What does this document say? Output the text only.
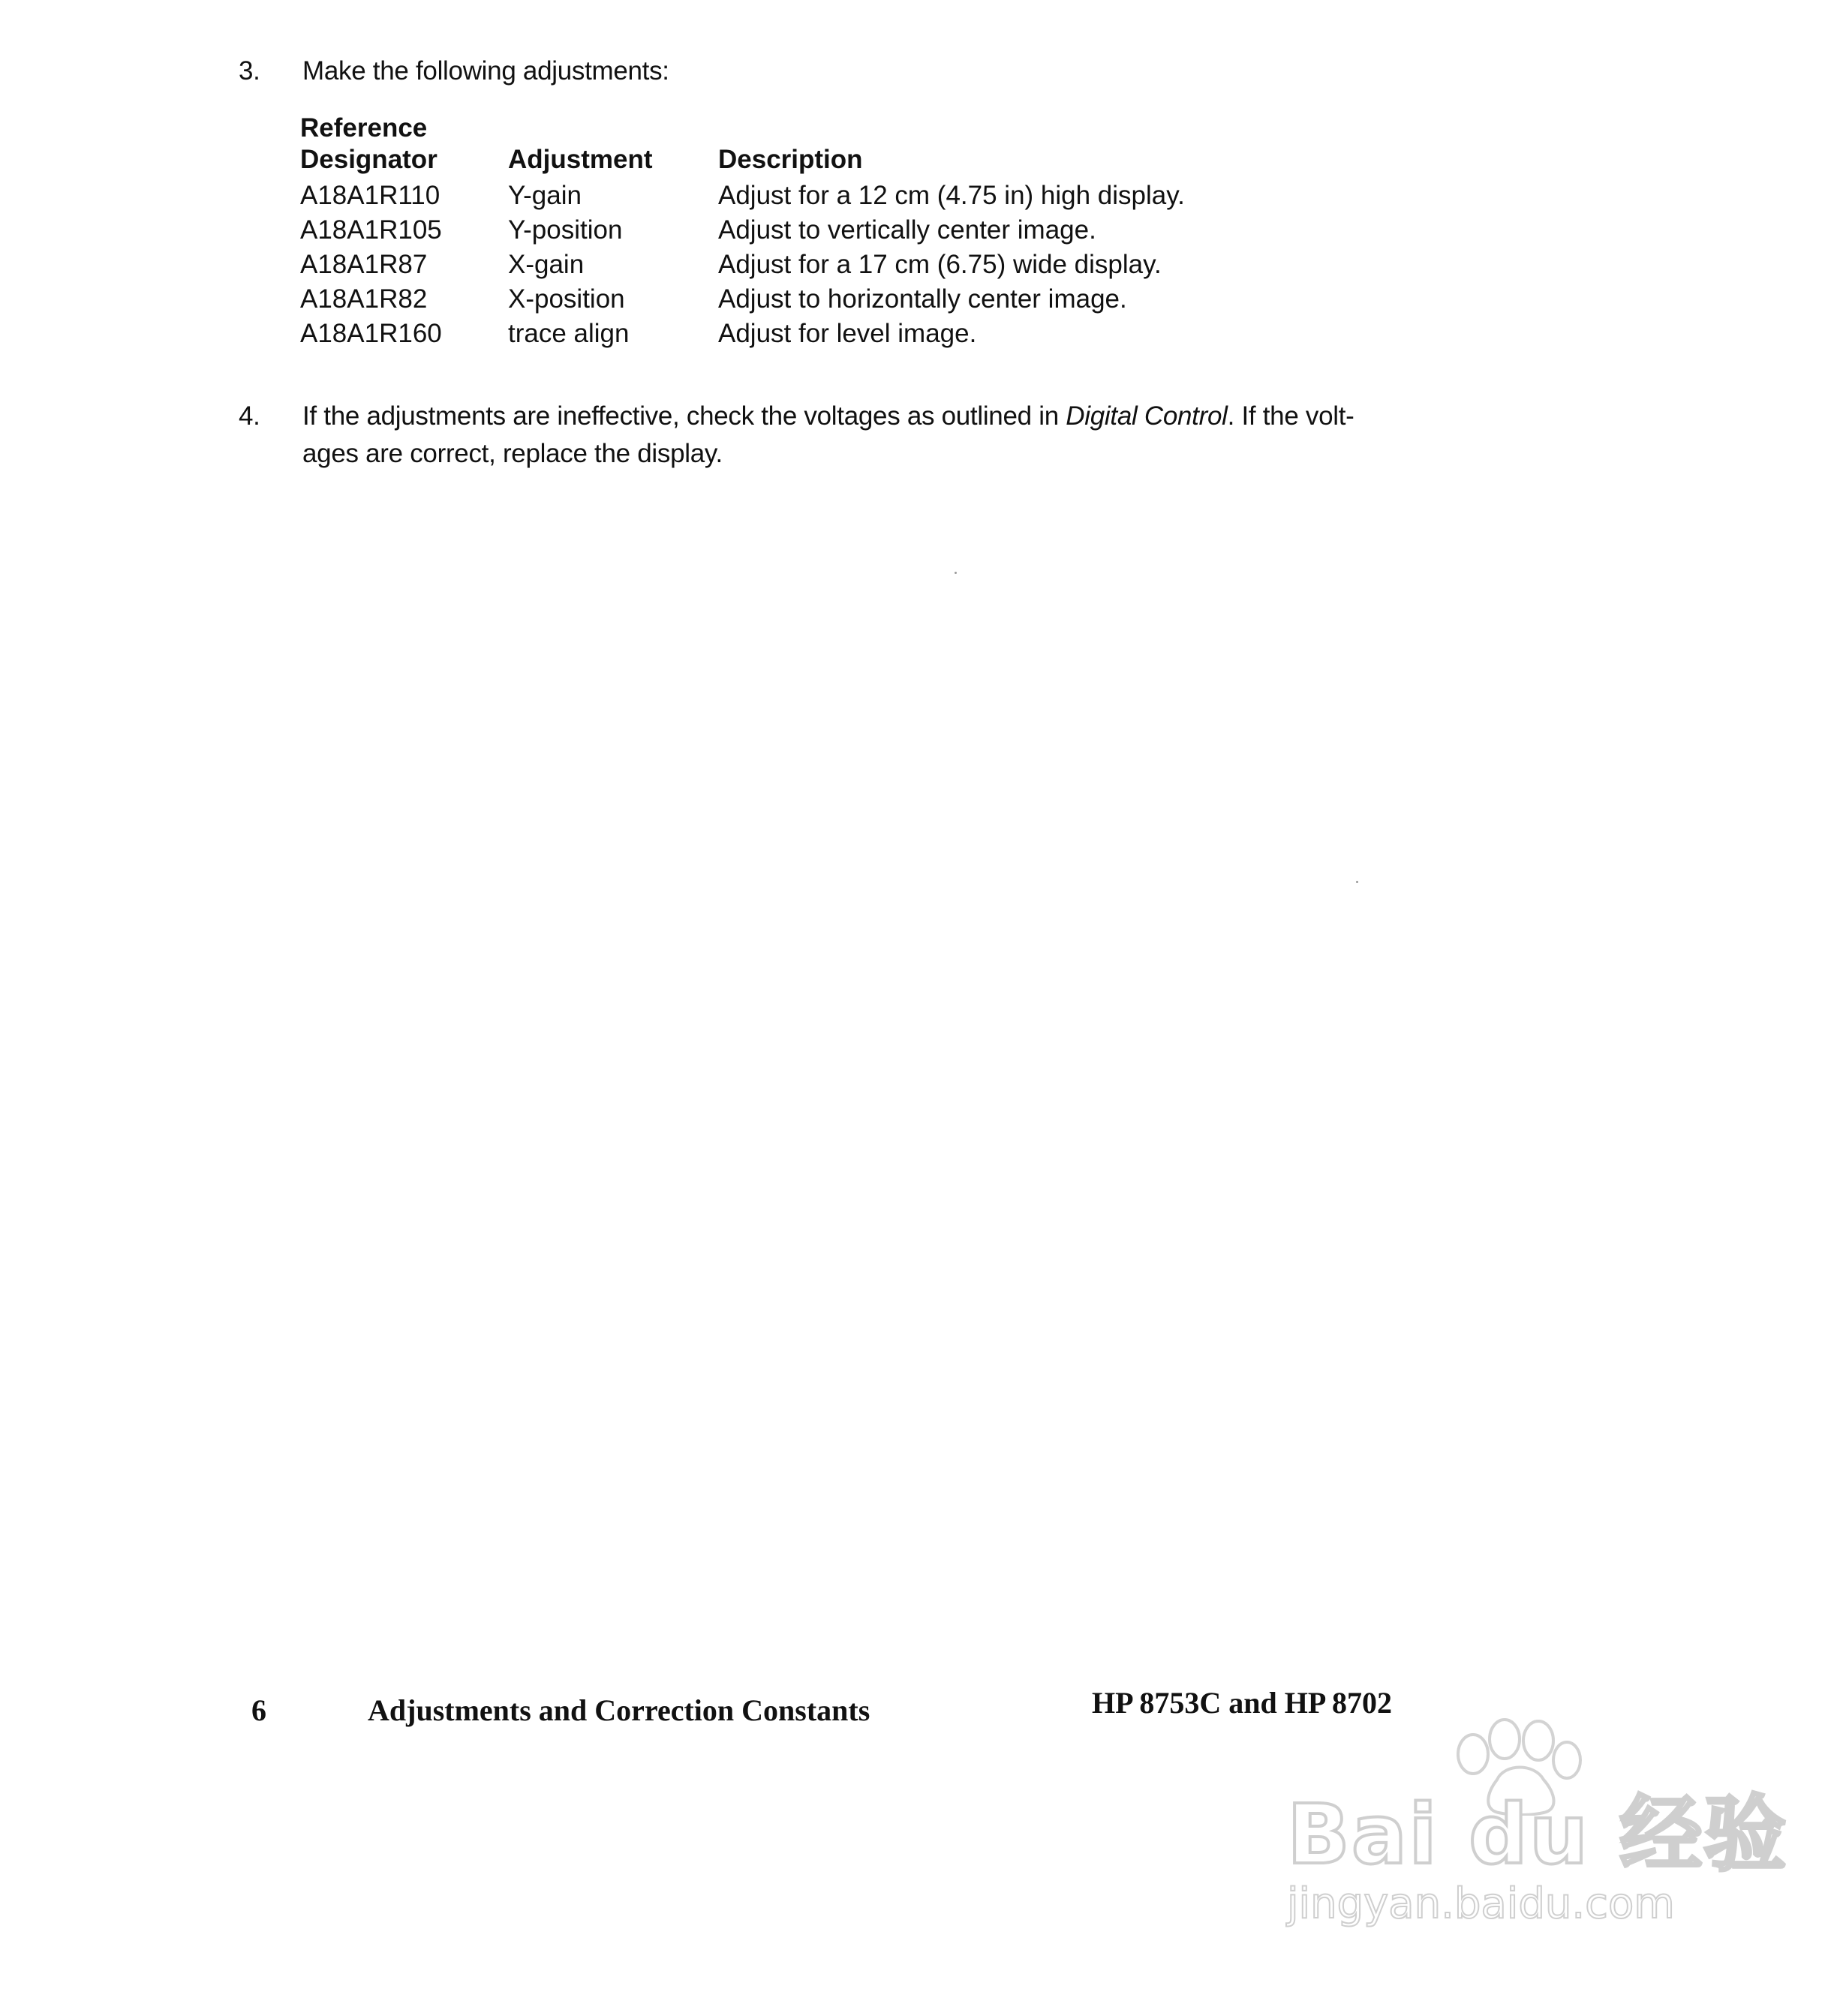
3. Make the following adjustments:
Reference
Designator	Adjustment	Description
A18A1R110	Y-gain	Adjust for a 12 cm (4.75 in) high display.
A18A1R105	Y-position	Adjust to vertically center image.
A18A1R87	X-gain	Adjust for a 17 cm (6.75) wide display.
A18A1R82	X-position	Adjust to horizontally center image.
A18A1R160	trace align	Adjust for level image.
4. If the adjustments are ineffective, check the voltages as outlined in Digital Control. If the volt-
ages are correct, replace the display.
6	Adjustments and Correction Constants	HP 8753C and HP 8702
Bai du 经验
jingyan.baidu.com
